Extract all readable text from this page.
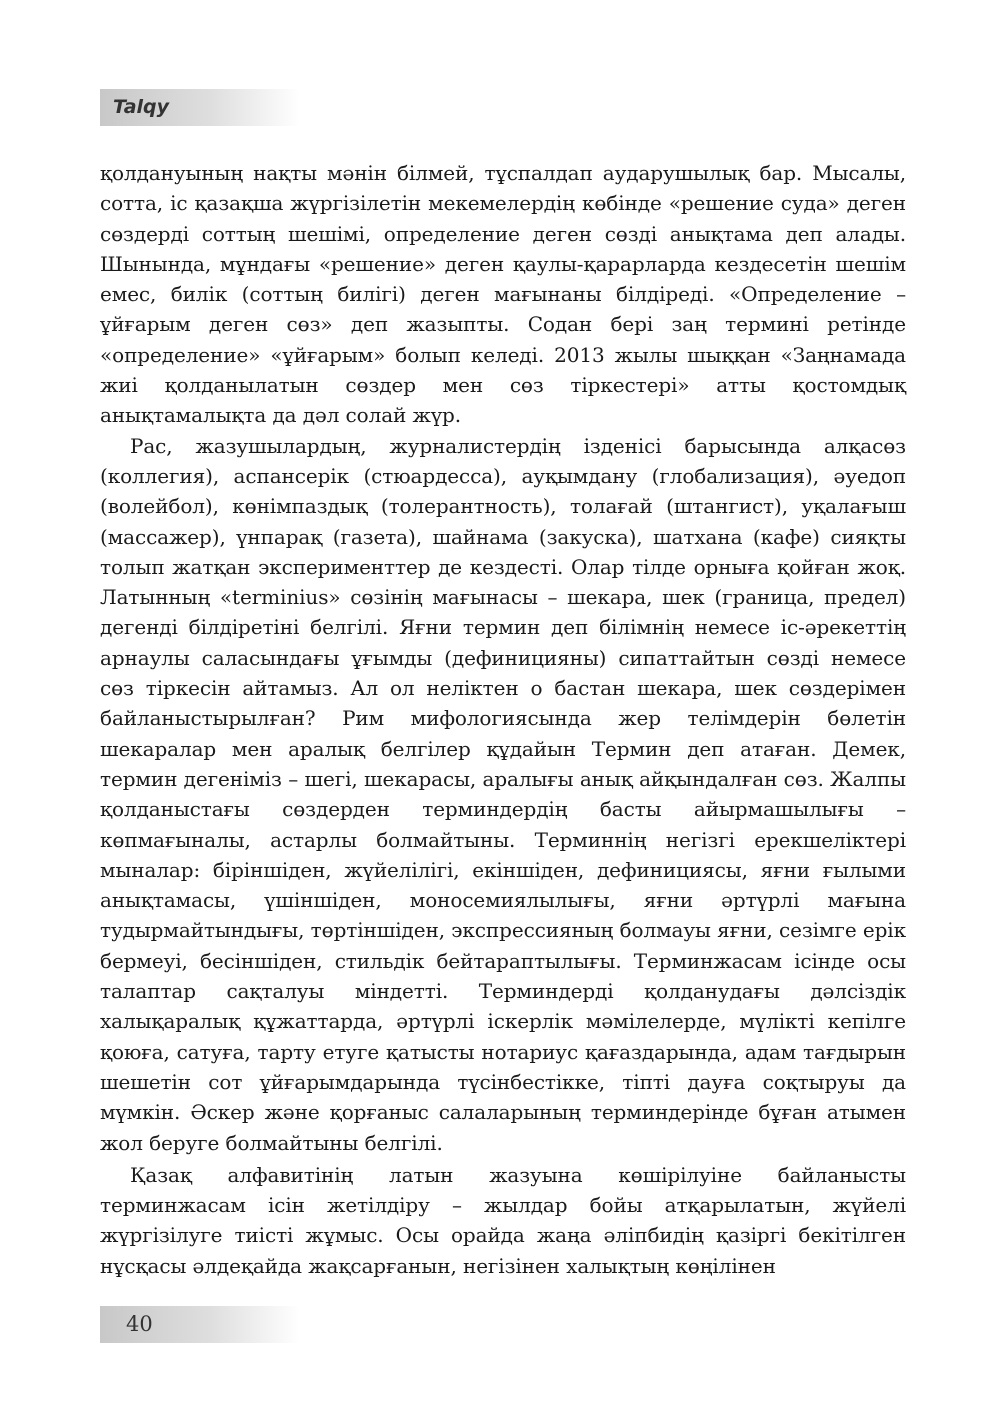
Talqy

қолдануының нақты мәнін білмей, тұспалдап аударушылық бар. Мысалы, сотта, іс қазақша жүргізілетін мекемелердің көбінде «решение суда» деген сөздерді соттың шешімі, определение деген сөзді анықтама деп алады. Шынында, мұндағы «решение» деген қаулы-қарарларда кездесетін шешім емес, билік (соттың билігі) деген мағынаны білдіреді. «Определение – ұйғарым деген сөз» деп жазыпты. Содан бері заң термині ретінде «определение» «ұйғарым» болып келеді. 2013 жылы шыққан «Заңнамада жиі қолданылатын сөздер мен сөз тіркестері» атты қостомдық анықтамалықта да дәл солай жүр.

Рас, жазушылардың, журналистердің ізденісі барысында алқасөз (коллегия), аспансерік (стюардесса), ауқымдану (глобализация), әуедоп (волейбол), көнімпаздық (толерантность), толағай (штангист), уқалағыш (массажер), үнпарақ (газета), шайнама (закуска), шатхана (кафе) сияқты толып жатқан эксперименттер де кездесті. Олар тілде орнығa қойған жоқ. Латынның «terminius» сөзінің мағынасы – шекара, шек (граница, предел) дегенді білдіретіні белгілі. Яғни термин деп білімнің немесе іс-әрекеттің арнаулы саласындағы ұғымды (дефиницияны) сипаттайтын сөзді немесе сөз тіркесін айтамыз. Ал ол неліктен о бастан шекара, шек сөздерімен байланыстырылған? Рим мифологиясында жер телімдерін бөлетін шекаралар мен аралық белгілер құдайын Термин деп атаған. Демек, термин дегеніміз – шегі, шекарасы, аралығы анық айқындалған сөз. Жалпы қолданыстағы сөздерден терминдердің басты айырмашылығы – көпмағыналы, астарлы болмайтыны. Терминнің негізгі ерекшеліктері мыналар: біріншіден, жүйелілігі, екіншіден, дефинициясы, яғни ғылыми анықтамасы, үшіншіден, моносемиялылығы, яғни әртүрлі мағына тудырмайтындығы, төртіншіден, экспрессияның болмауы яғни, сезімге ерік бермеуі, бесіншіден, стильдік бейтараптылығы. Терминжасам ісінде осы талаптар сақталуы міндетті. Терминдерді қолданудағы дәлсіздік халықаралық құжаттарда, әртүрлі іскерлік мәмілелерде, мүлікті кепілге қоюға, сатуға, тарту етуге қатысты нотариус қағаздарында, адам тағдырын шешетін сот ұйғарымдарында түсінбестікке, тіпті дауға соқтыруы да мүмкін. Әскер және қорғаныс салаларының терминдерінде бұған атымен жол беруге болмайтыны белгілі.

Қазақ алфавитінің латын жазуына көшірілуіне байланысты терминжасам ісін жетілдіру – жылдар бойы атқарылатын, жүйелі жүргізілуге тиісті жұмыс. Осы орайда жаңа әліпбидің қазіргі бекітілген нұсқасы әлдеқайда жақсарғанын, негізінен халықтың көңілінен

40
